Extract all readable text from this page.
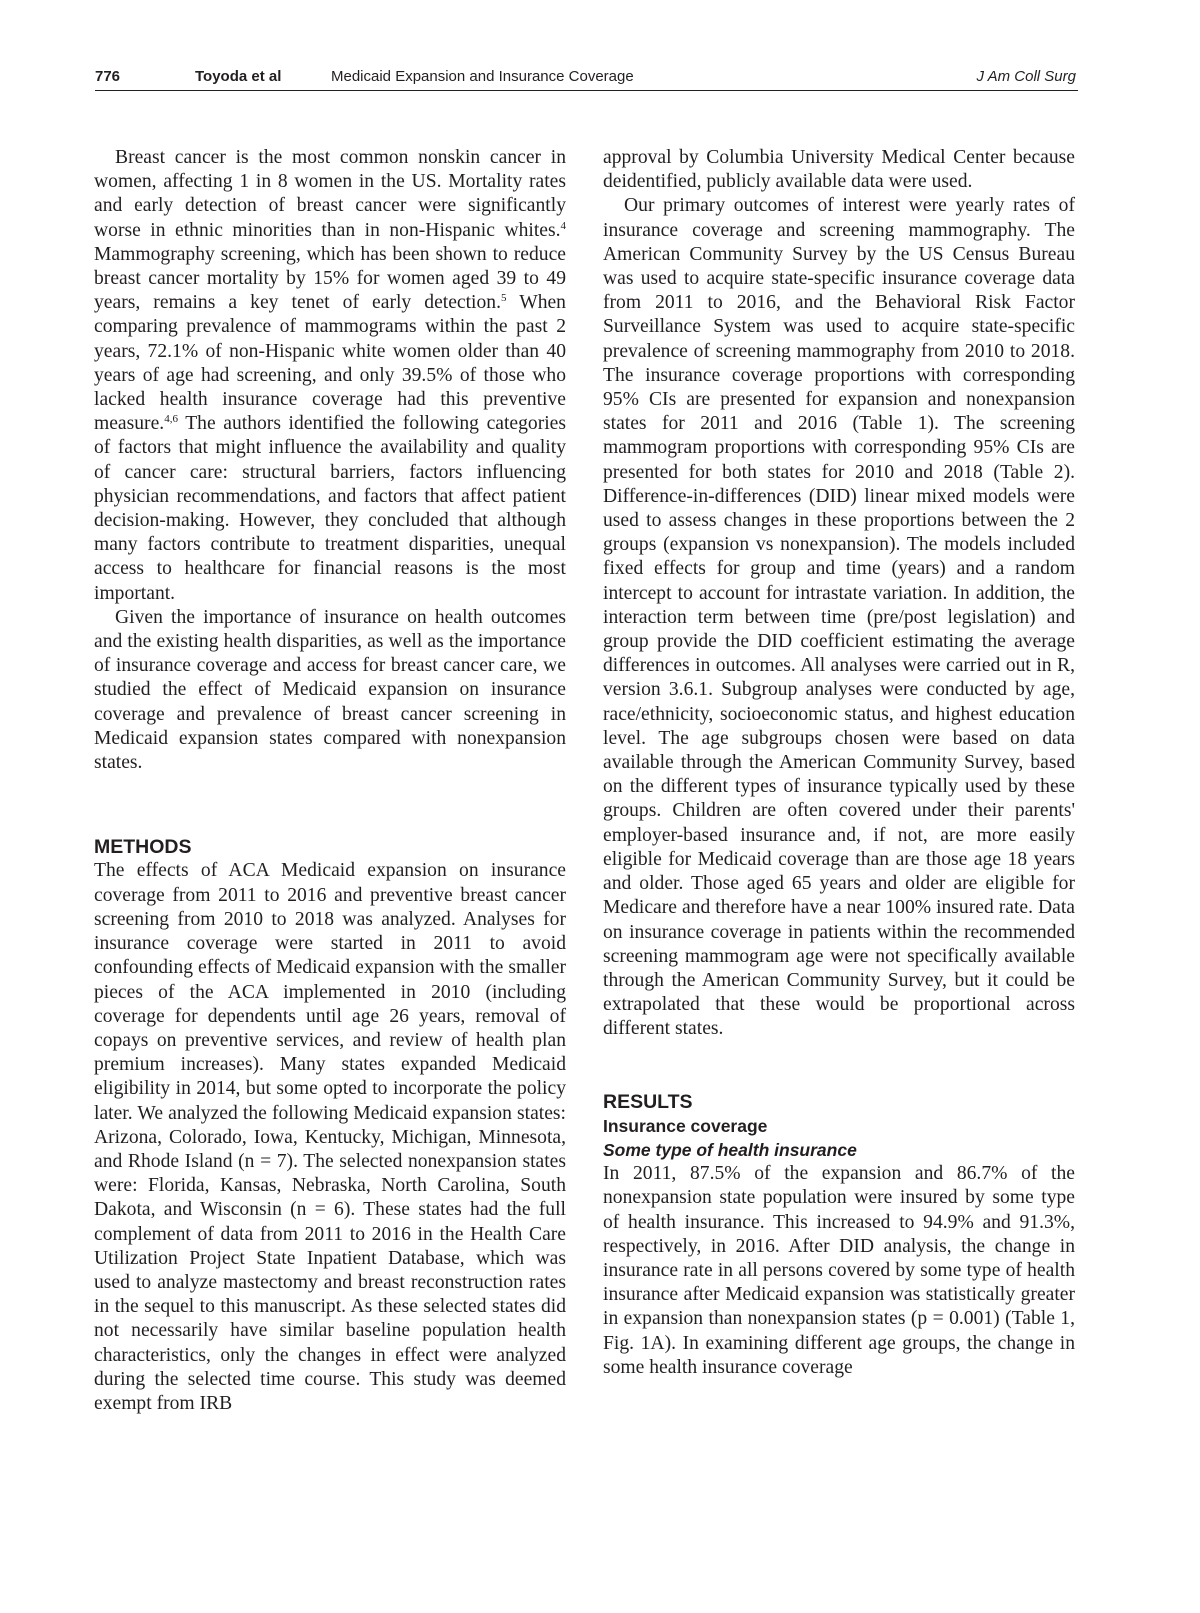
776	Toyoda et al	Medicaid Expansion and Insurance Coverage	J Am Coll Surg

Breast cancer is the most common nonskin cancer in women, affecting 1 in 8 women in the US. Mortality rates and early detection of breast cancer were significantly worse in ethnic minorities than in non-Hispanic whites.$^4$ Mammography screening, which has been shown to reduce breast cancer mortality by 15% for women aged 39 to 49 years, remains a key tenet of early detection.$^5$ When comparing prevalence of mammograms within the past 2 years, 72.1% of non-Hispanic white women older than 40 years of age had screening, and only 39.5% of those who lacked health insurance coverage had this preventive measure.$^{4,6}$ The authors identified the following categories of factors that might influence the availability and quality of cancer care: structural barriers, factors influencing physician recommendations, and factors that affect patient decision-making. However, they concluded that although many factors contribute to treatment disparities, unequal access to healthcare for financial reasons is the most important.

Given the importance of insurance on health outcomes and the existing health disparities, as well as the importance of insurance coverage and access for breast cancer care, we studied the effect of Medicaid expansion on insurance coverage and prevalence of breast cancer screening in Medicaid expansion states compared with nonexpansion states.

METHODS

The effects of ACA Medicaid expansion on insurance coverage from 2011 to 2016 and preventive breast cancer screening from 2010 to 2018 was analyzed. Analyses for insurance coverage were started in 2011 to avoid confounding effects of Medicaid expansion with the smaller pieces of the ACA implemented in 2010 (including coverage for dependents until age 26 years, removal of copays on preventive services, and review of health plan premium increases). Many states expanded Medicaid eligibility in 2014, but some opted to incorporate the policy later. We analyzed the following Medicaid expansion states: Arizona, Colorado, Iowa, Kentucky, Michigan, Minnesota, and Rhode Island (n = 7). The selected nonexpansion states were: Florida, Kansas, Nebraska, North Carolina, South Dakota, and Wisconsin (n = 6). These states had the full complement of data from 2011 to 2016 in the Health Care Utilization Project State Inpatient Database, which was used to analyze mastectomy and breast reconstruction rates in the sequel to this manuscript. As these selected states did not necessarily have similar baseline population health characteristics, only the changes in effect were analyzed during the selected time course. This study was deemed exempt from IRB

approval by Columbia University Medical Center because deidentified, publicly available data were used.

Our primary outcomes of interest were yearly rates of insurance coverage and screening mammography. The American Community Survey by the US Census Bureau was used to acquire state-specific insurance coverage data from 2011 to 2016, and the Behavioral Risk Factor Surveillance System was used to acquire state-specific prevalence of screening mammography from 2010 to 2018. The insurance coverage proportions with corresponding 95% CIs are presented for expansion and nonexpansion states for 2011 and 2016 (Table 1). The screening mammogram proportions with corresponding 95% CIs are presented for both states for 2010 and 2018 (Table 2). Difference-in-differences (DID) linear mixed models were used to assess changes in these proportions between the 2 groups (expansion vs nonexpansion). The models included fixed effects for group and time (years) and a random intercept to account for intrastate variation. In addition, the interaction term between time (pre/post legislation) and group provide the DID coefficient estimating the average differences in outcomes. All analyses were carried out in R, version 3.6.1. Subgroup analyses were conducted by age, race/ethnicity, socioeconomic status, and highest education level. The age subgroups chosen were based on data available through the American Community Survey, based on the different types of insurance typically used by these groups. Children are often covered under their parents' employer-based insurance and, if not, are more easily eligible for Medicaid coverage than are those age 18 years and older. Those aged 65 years and older are eligible for Medicare and therefore have a near 100% insured rate. Data on insurance coverage in patients within the recommended screening mammogram age were not specifically available through the American Community Survey, but it could be extrapolated that these would be proportional across different states.

RESULTS
Insurance coverage
Some type of health insurance

In 2011, 87.5% of the expansion and 86.7% of the nonexpansion state population were insured by some type of health insurance. This increased to 94.9% and 91.3%, respectively, in 2016. After DID analysis, the change in insurance rate in all persons covered by some type of health insurance after Medicaid expansion was statistically greater in expansion than nonexpansion states (p = 0.001) (Table 1, Fig. 1A). In examining different age groups, the change in some health insurance coverage
